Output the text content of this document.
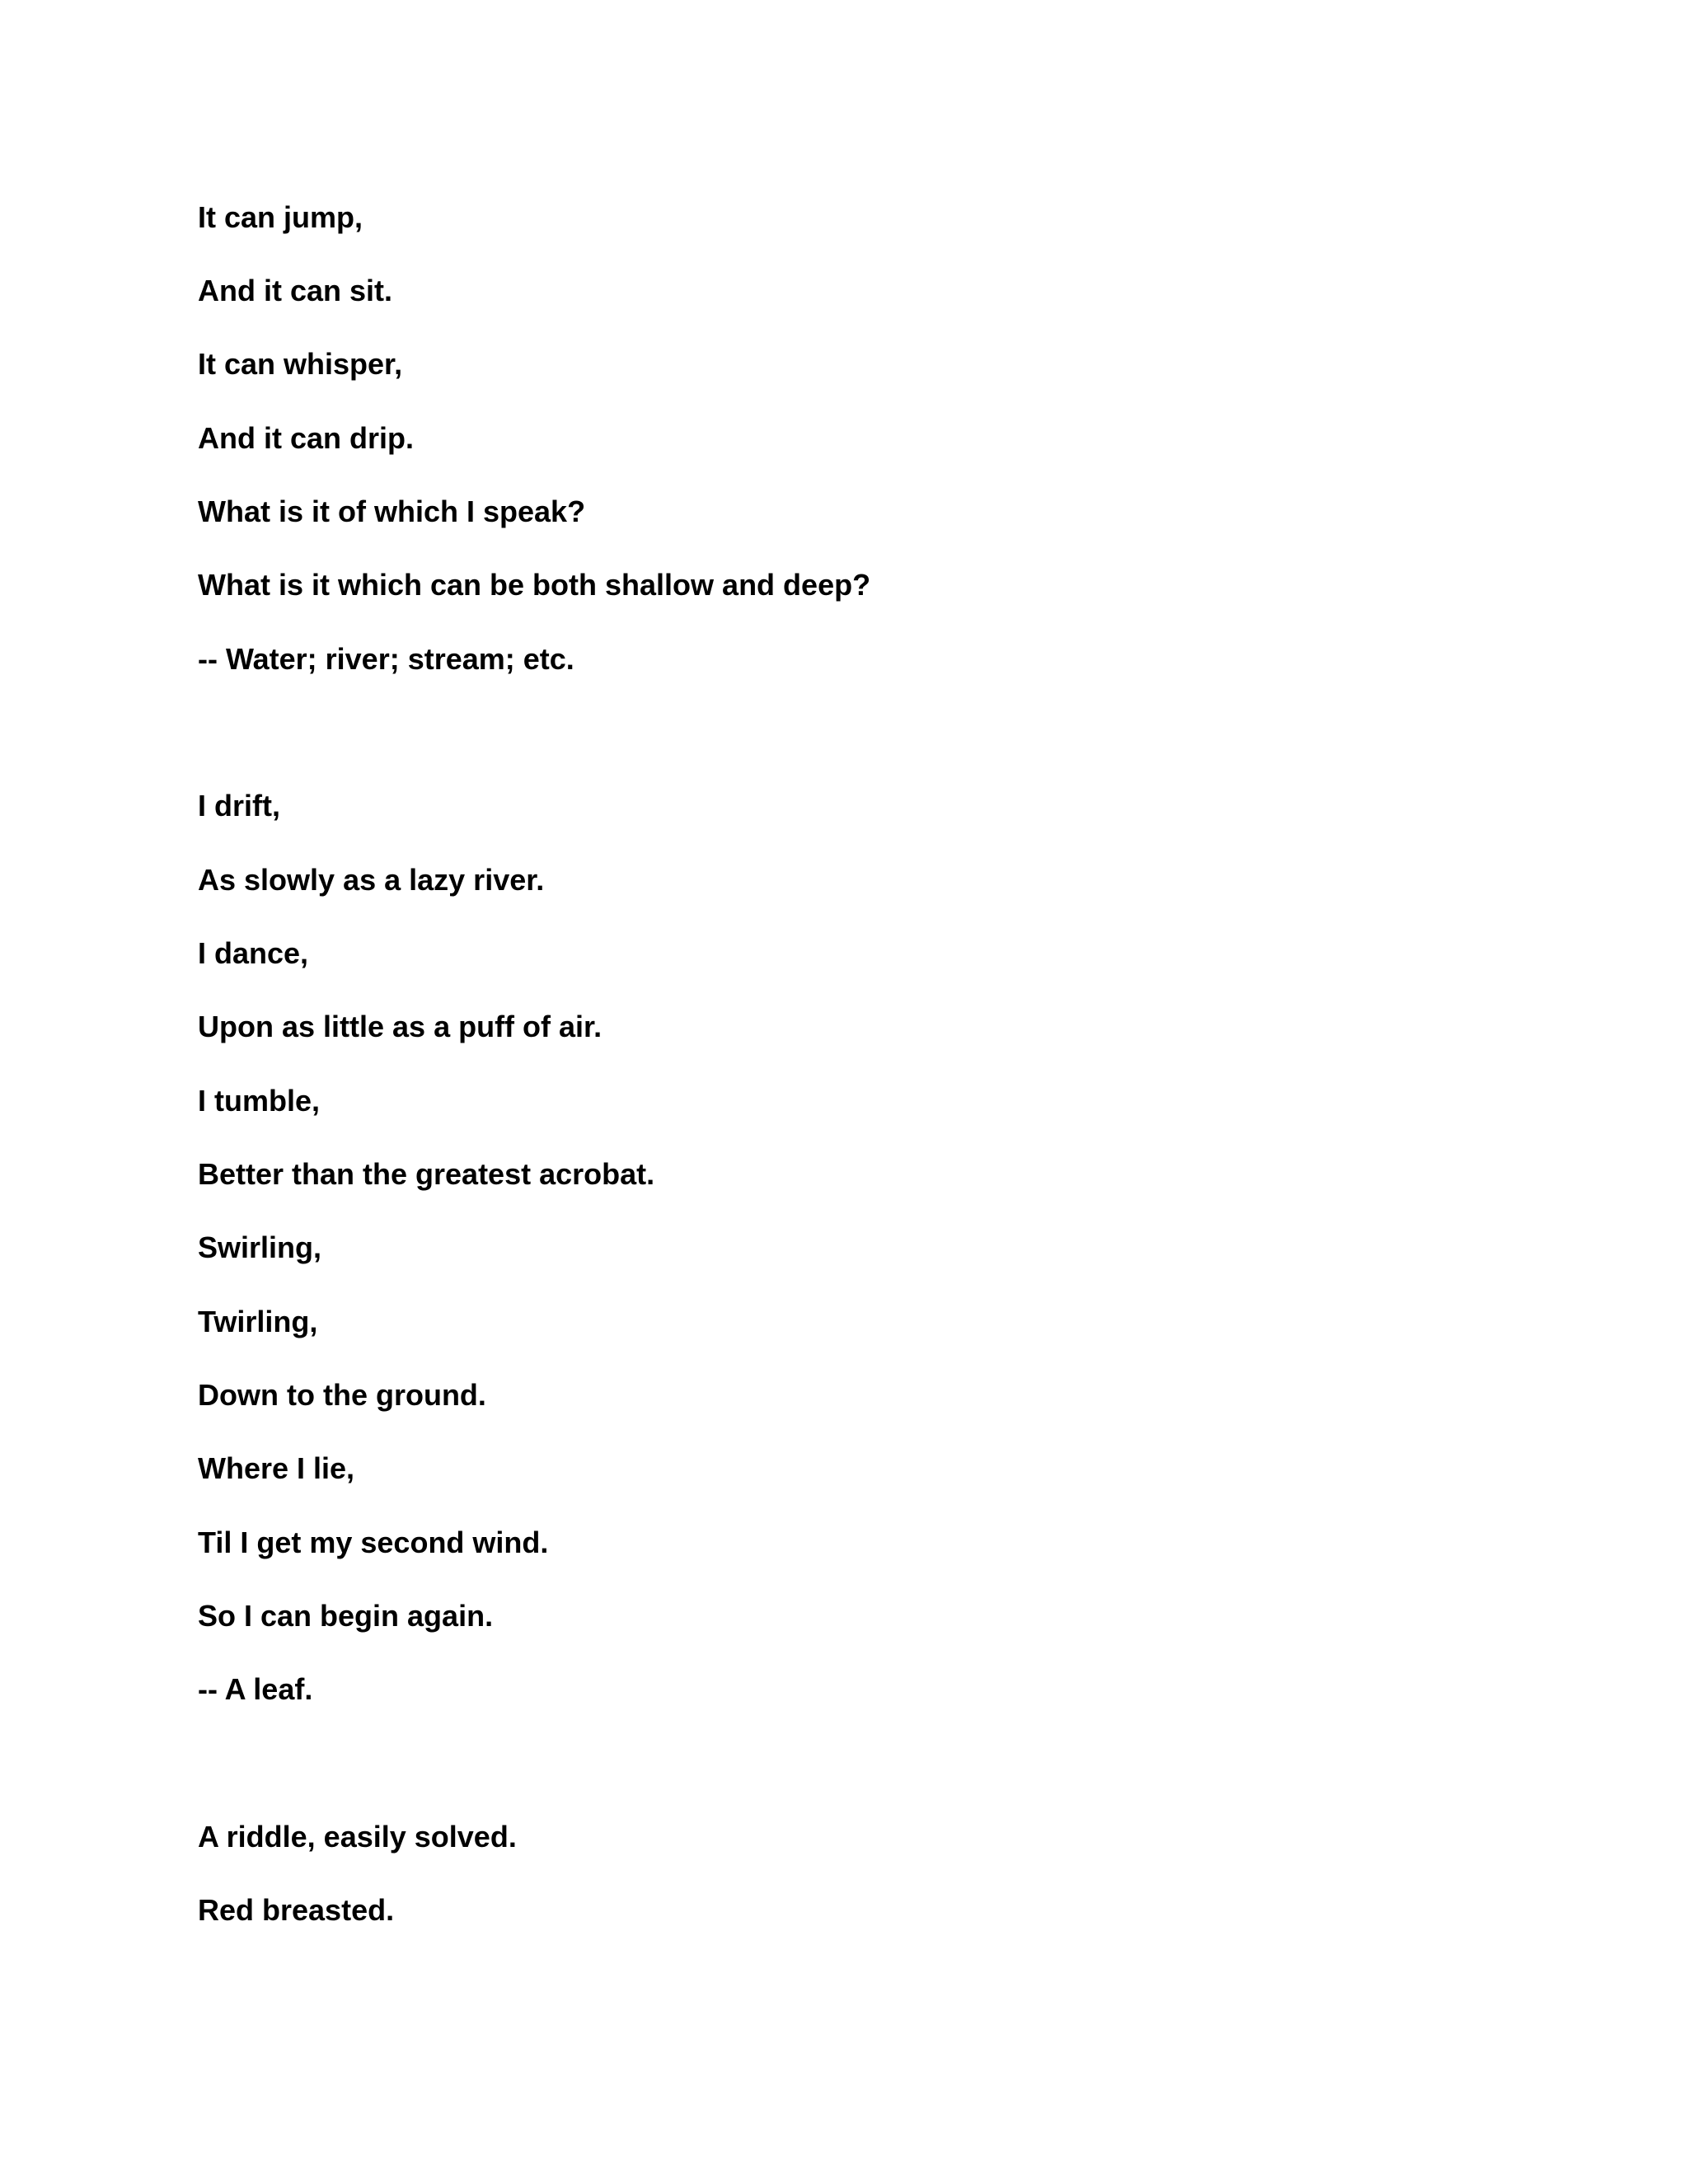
It can jump,

And it can sit.

It can whisper,

And it can drip.

What is it of which I speak?

What is it which can be both shallow and deep?

-- Water; river; stream; etc.

I drift,

As slowly as a lazy river.

I dance,

Upon as little as a puff of air.

I tumble,

Better than the greatest acrobat.

Swirling,

Twirling,

Down to the ground.

Where I lie,

Til I get my second wind.

So I can begin again.

-- A leaf.

A riddle, easily solved.

Red breasted.
